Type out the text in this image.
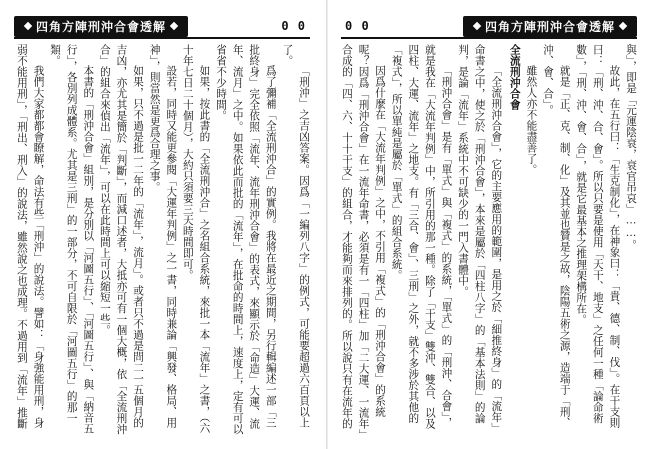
四角方陣刑沖合會透解	0 0

「刑沖」之吉凶答案。因爲「一編列八字」的例式，可能要超過六百頁以上了。

爲了彌補「全流刑沖合」的實例。我將在最近之期間，另行輯編述一部「三批終身」完全依照「流年、流年刑沖合會」的表式，來顯示於「命造」大運、流年、流月」之中。如果依此而批的「流年」，在批命的時間上，速度上，定有可以省省不少時間。

如果，按此書的「全流刑沖合」之名組合系統，來批一本「流年」之書，（六十年七日二十個月），大約只須要三天時間即可。

設若，同時又能更參閱「大運年判例」之一書，同時兼論「興發、格局、用神」，則當然是更爲合理之事。

如果，只不過是批一二年的「流年」，流月」。或者只不過是問二一五個月的吉凶，亦尤其是簡於「判斷」，而減口述者，大抵亦可有一個大概，依「全流刑沖合」的組合來偵出「流年」，可以在此時間上可以縮短一些。

本書的「刑沖合會」組別，是分別以「河圖五行」、「河圖五行」、與「納音五行」，各別列成體系。尤其是三刑」的一部分，不可自限於「河圖五行」的那一類。

我們大家都都會瞭解，命法有些「刑沖」的說法。譬如：「身強能用刑，身弱不能用刑」，「刑出、刑入」的說法，雖然說之也成理。不過用到「流年」推斷

0 0	四角方陣刑沖合會透解

與」，即是「元運陰衰，衰官吊哀」……。

故此，在五行曰：「生克制化」，在神象曰：「貴、德、制、伐」。在干支則曰：「刑、沖、合、會」。所以只要是使用「天干、地支」之任何一種「論命術數」，「刑、沖、會、合」，就是它最基本之推理架構所在。

就是「正、克、制、化」及其並也贊是之故，陰陽五術之源，造端于「刑、沖、會、合」。

雖然人亦不能盡善了。

全流刑沖合會

「全流刑沖合會」，它的主要應用的範圍，是用之於「細推終身」的「流年」命書之中，使之於「刑沖合會」，本來是屬於「四柱八字」的「基本法則」的論判，是論「流年」系統中不可缺少的一門入書體中。

「刑沖合會」是有「單式」與「複式」的系統，「單式」的「刑沖、合會」，就是我在「大流年判例」中，所引用的那一種。除了「干支」雙沖、雙合、以及四柱、大運、流年」之地支。有「三合、會」、三刑」之外，就不多涉於其他的「複式」，所以單純是屬於「單式」的組合系統。

因爲什麼在「大流年判例」之中，不引用「複式」的「刑沖合會」的系統呢？因爲「刑沖合會」在一流年命書，必須是有一「四柱」加「二大運、一流年」合成的「四、六、十十干支」的組合，才能夠而來排列的。所以說只有在流年的
